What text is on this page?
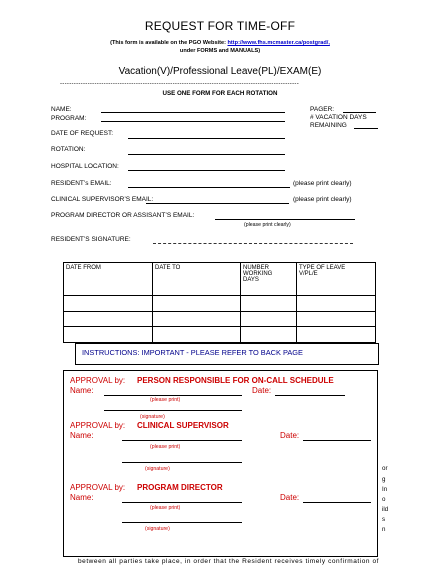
REQUEST FOR TIME-OFF
(This form is available on the PGO Website: http://www.fhs.mcmaster.ca/postgrad/,
under FORMS and MANUALS)
Vacation(V)/Professional Leave(PL)/EXAM(E)
--------------------------------------------------------------------------------------------------------
USE ONE FORM FOR EACH ROTATION
NAME:
PROGRAM:
PAGER:
# VACATION DAYS
REMAINING
DATE OF REQUEST:
ROTATION:
HOSPITAL LOCATION:
RESIDENT’s EMAIL:	(please print clearly)
CLINICAL SUPERVISOR’S EMAIL:	(please print clearly)
PROGRAM DIRECTOR OR ASSISANT’S EMAIL:
(please print clearly)
RESIDENT’S SIGNATURE:
DATE FROM	DATE TO	NUMBER
WORKING
DAYS	TYPE OF LEAVE
V/PL/E

INSTRUCTIONS: IMPORTANT - PLEASE REFER TO BACK PAGE
APPROVAL by: PERSON RESPONSIBLE FOR ON-CALL SCHEDULE
Name:	Date:
(please print)
(signature)
APPROVAL by: CLINICAL SUPERVISOR
Name:	Date:
(please print)
(signature)
APPROVAL by: PROGRAM DIRECTOR
Name:	Date:
(please print)
(signature)
or
g
In
o
ild
s
n
between all parties take place, in order that the Resident receives timely confirmation of
